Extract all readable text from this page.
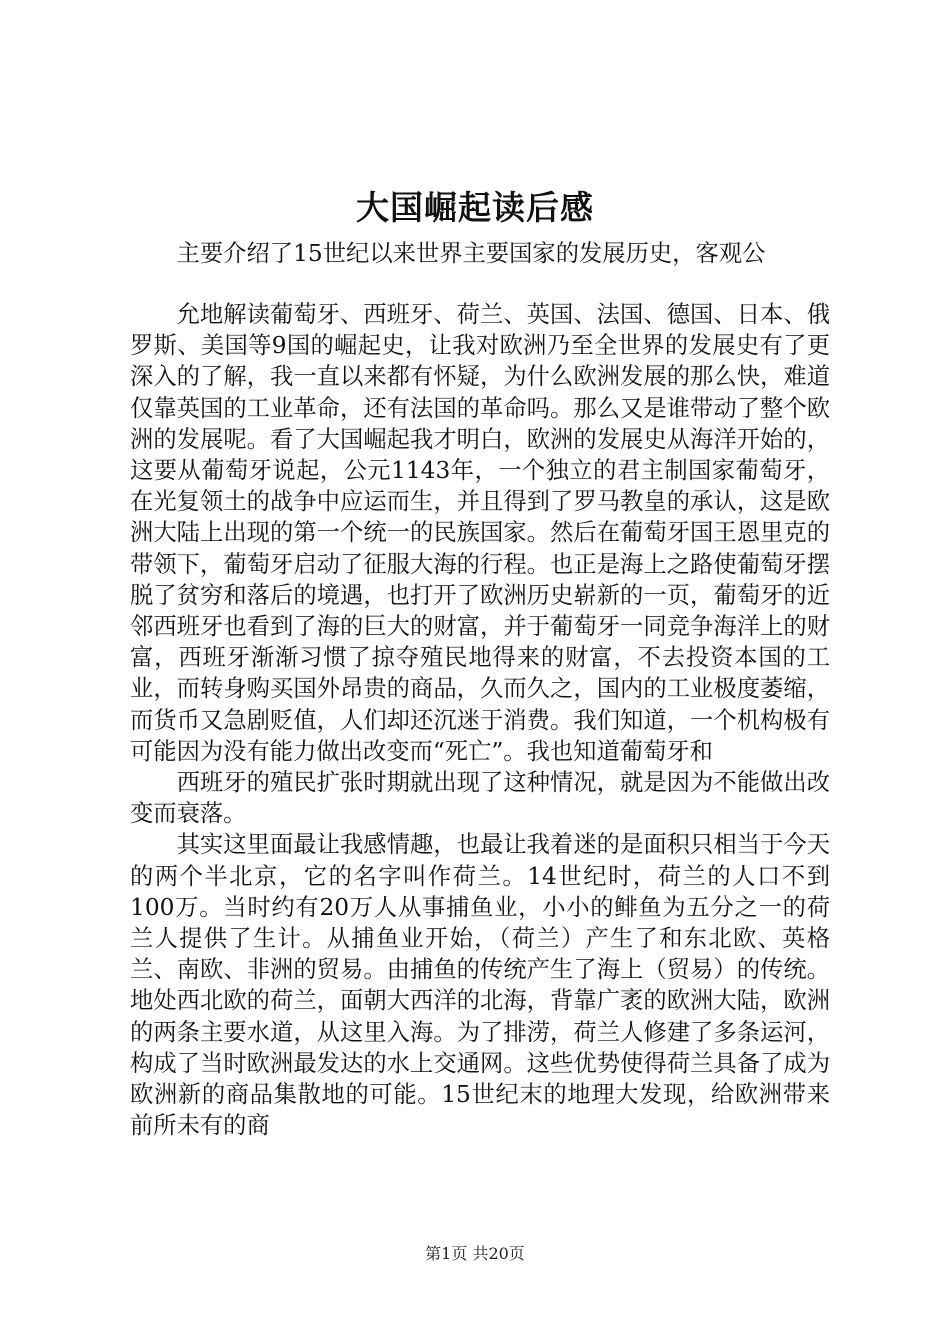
大国崛起读后感

主要介绍了15世纪以来世界主要国家的发展历史，客观公

允地解读葡萄牙、西班牙、荷兰、英国、法国、德国、日本、俄罗斯、美国等9国的崛起史，让我对欧洲乃至全世界的发展史有了更深入的了解，我一直以来都有怀疑，为什么欧洲发展的那么快，难道仅靠英国的工业革命，还有法国的革命吗。那么又是谁带动了整个欧洲的发展呢。看了大国崛起我才明白，欧洲的发展史从海洋开始的，这要从葡萄牙说起，公元1143年，一个独立的君主制国家葡萄牙，在光复领土的战争中应运而生，并且得到了罗马教皇的承认，这是欧洲大陆上出现的第一个统一的民族国家。然后在葡萄牙国王恩里克的带领下，葡萄牙启动了征服大海的行程。也正是海上之路使葡萄牙摆脱了贫穷和落后的境遇，也打开了欧洲历史崭新的一页，葡萄牙的近邻西班牙也看到了海的巨大的财富，并于葡萄牙一同竞争海洋上的财富，西班牙渐渐习惯了掠夺殖民地得来的财富，不去投资本国的工业，而转身购买国外昂贵的商品，久而久之，国内的工业极度萎缩，而货币又急剧贬值，人们却还沉迷于消费。我们知道，一个机构极有可能因为没有能力做出改变而“死亡”。我也知道葡萄牙和

西班牙的殖民扩张时期就出现了这种情况，就是因为不能做出改变而衰落。

其实这里面最让我感情趣，也最让我着迷的是面积只相当于今天的两个半北京，它的名字叫作荷兰。14世纪时，荷兰的人口不到100万。当时约有20万人从事捕鱼业，小小的鲱鱼为五分之一的荷兰人提供了生计。从捕鱼业开始，（荷兰）产生了和东北欧、英格兰、南欧、非洲的贸易。由捕鱼的传统产生了海上（贸易）的传统。地处西北欧的荷兰，面朝大西洋的北海，背靠广袤的欧洲大陆，欧洲的两条主要水道，从这里入海。为了排涝，荷兰人修建了多条运河，构成了当时欧洲最发达的水上交通网。这些优势使得荷兰具备了成为欧洲新的商品集散地的可能。15世纪末的地理大发现，给欧洲带来前所未有的商

第1页 共20页
